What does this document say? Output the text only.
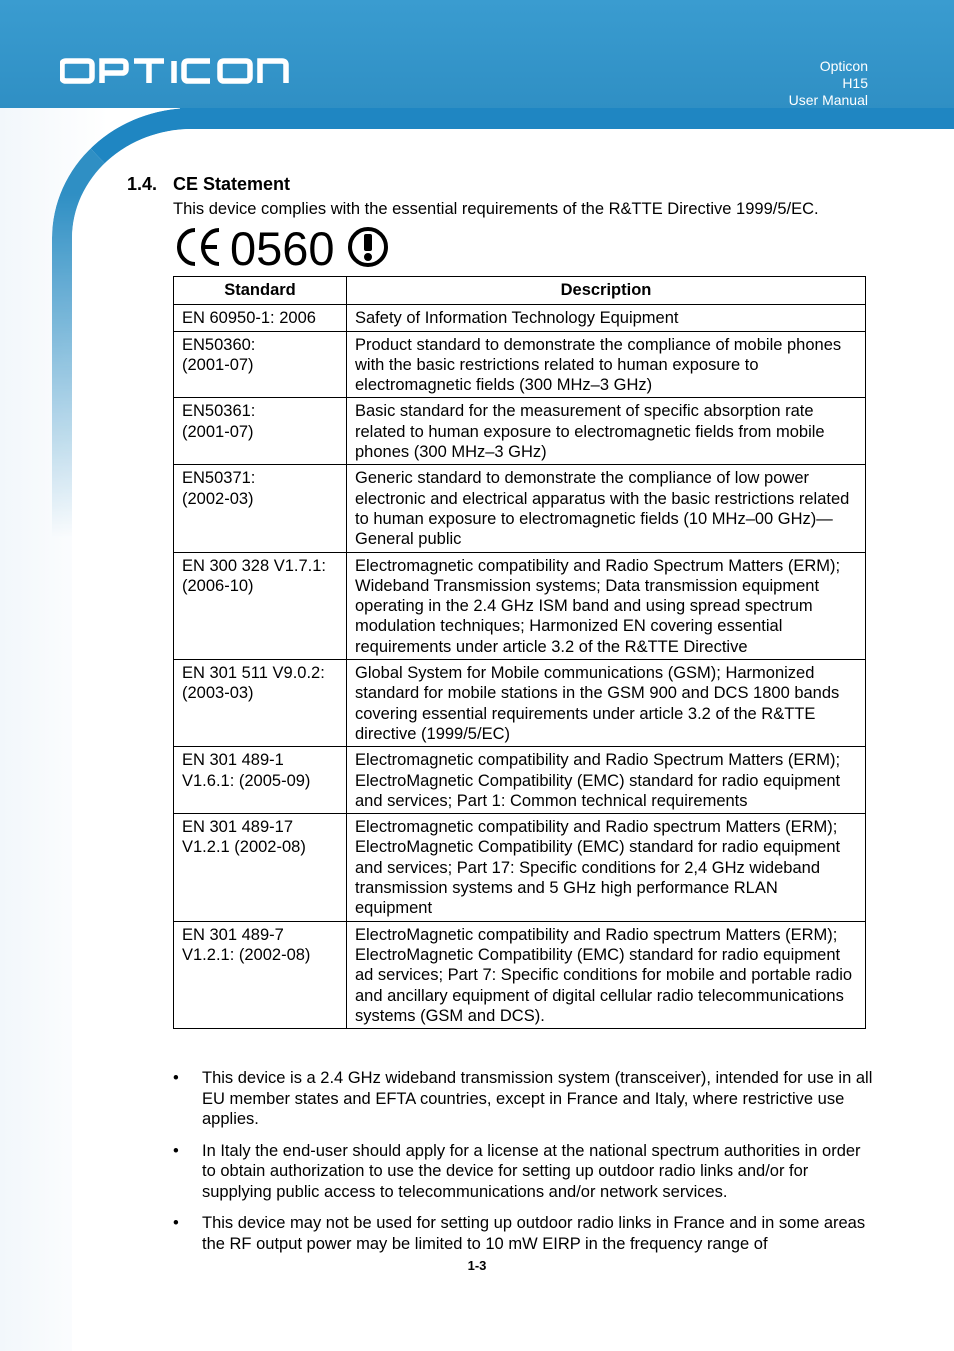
Opticon
H15
User Manual
1.4. CE Statement
This device complies with the essential requirements of the R&TTE Directive 1999/5/EC.
0560
Standard	Description

EN 60950-1: 2006	Safety of Information Technology Equipment

EN50360:
(2001-07)	Product standard to demonstrate the compliance of mobile phones with the basic restrictions related to human exposure to electromagnetic fields (300 MHz–3 GHz)

EN50361:
(2001-07)	Basic standard for the measurement of specific absorption rate related to human exposure to electromagnetic fields from mobile phones (300 MHz–3 GHz)

EN50371:
(2002-03)	Generic standard to demonstrate the compliance of low power electronic and electrical apparatus with the basic restrictions related to human exposure to electromagnetic fields (10 MHz–00 GHz)—General public

EN 300 328 V1.7.1:
(2006-10)	Electromagnetic compatibility and Radio Spectrum Matters (ERM); Wideband Transmission systems; Data transmission equipment operating in the 2.4 GHz ISM band and using spread spectrum modulation techniques; Harmonized EN covering essential requirements under article 3.2 of the R&TTE Directive

EN 301 511 V9.0.2:
(2003-03)	Global System for Mobile communications (GSM); Harmonized standard for mobile stations in the GSM 900 and DCS 1800 bands covering essential requirements under article 3.2 of the R&TTE directive (1999/5/EC)

EN 301 489-1
V1.6.1: (2005-09)	Electromagnetic compatibility and Radio Spectrum Matters (ERM); ElectroMagnetic Compatibility (EMC) standard for radio equipment and services; Part 1: Common technical requirements

EN 301 489-17
V1.2.1 (2002-08)	Electromagnetic compatibility and Radio spectrum Matters (ERM); ElectroMagnetic Compatibility (EMC) standard for radio equipment and services; Part 17: Specific conditions for 2,4 GHz wideband transmission systems and 5 GHz high performance RLAN equipment

EN 301 489-7
V1.2.1: (2002-08)	ElectroMagnetic compatibility and Radio spectrum Matters (ERM); ElectroMagnetic Compatibility (EMC) standard for radio equipment ad services; Part 7: Specific conditions for mobile and portable radio and ancillary equipment of digital cellular radio telecommunications systems (GSM and DCS).
• This device is a 2.4 GHz wideband transmission system (transceiver), intended for use in all EU member states and EFTA countries, except in France and Italy, where restrictive use applies.
• In Italy the end-user should apply for a license at the national spectrum authorities in order to obtain authorization to use the device for setting up outdoor radio links and/or for supplying public access to telecommunications and/or network services.
• This device may not be used for setting up outdoor radio links in France and in some areas the RF output power may be limited to 10 mW EIRP in the frequency range of
1-3
